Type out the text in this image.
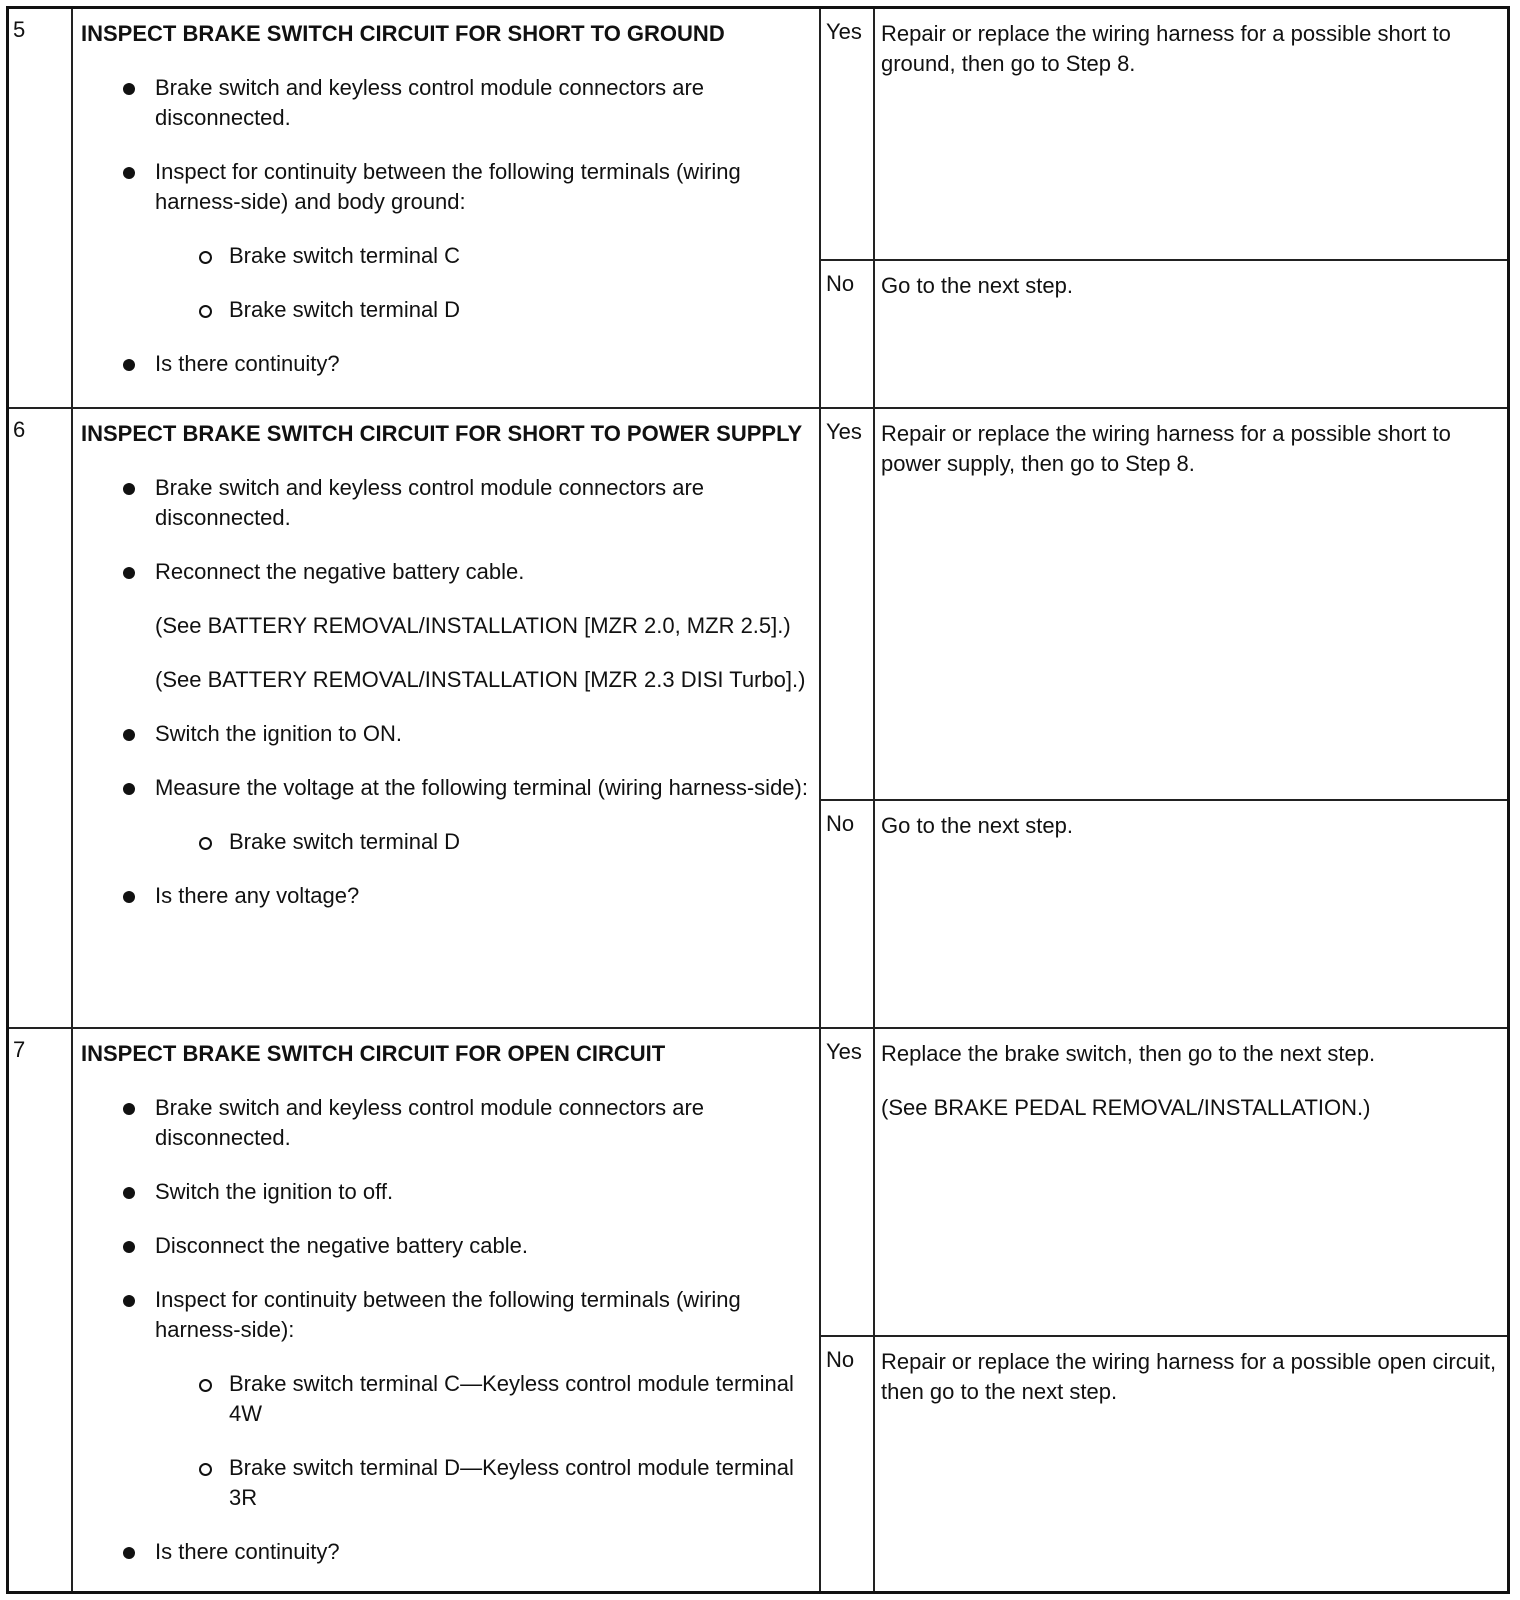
5	INSPECT BRAKE SWITCH CIRCUIT FOR SHORT TO GROUND
Brake switch and keyless control module connectors are disconnected.
Inspect for continuity between the following terminals (wiring harness-side) and body ground:
Brake switch terminal C
Brake switch terminal D
Is there continuity?
Yes Repair or replace the wiring harness for a possible short to ground, then go to Step 8.

No	Go to the next step.

6	INSPECT BRAKE SWITCH CIRCUIT FOR SHORT TO POWER SUPPLY
Brake switch and keyless control module connectors are disconnected.
Reconnect the negative battery cable.

(See BATTERY REMOVAL/INSTALLATION [MZR 2.0, MZR 2.5].)

(See BATTERY REMOVAL/INSTALLATION [MZR 2.3 DISI Turbo].)

Switch the ignition to ON.
Measure the voltage at the following terminal (wiring harness-side):
Brake switch terminal D
Is there any voltage?
Yes Repair or replace the wiring harness for a possible short to power supply, then go to Step 8.

No	Go to the next step.

7	INSPECT BRAKE SWITCH CIRCUIT FOR OPEN CIRCUIT
Brake switch and keyless control module connectors are disconnected.
Switch the ignition to off.
Disconnect the negative battery cable.
Inspect for continuity between the following terminals (wiring harness-side):
Brake switch terminal C—Keyless control module terminal 4W
Brake switch terminal D—Keyless control module terminal 3R
Is there continuity?
Yes Replace the brake switch, then go to the next step.

(See BRAKE PEDAL REMOVAL/INSTALLATION.)

No	Repair or replace the wiring harness for a possible open circuit, then go to the next step.
